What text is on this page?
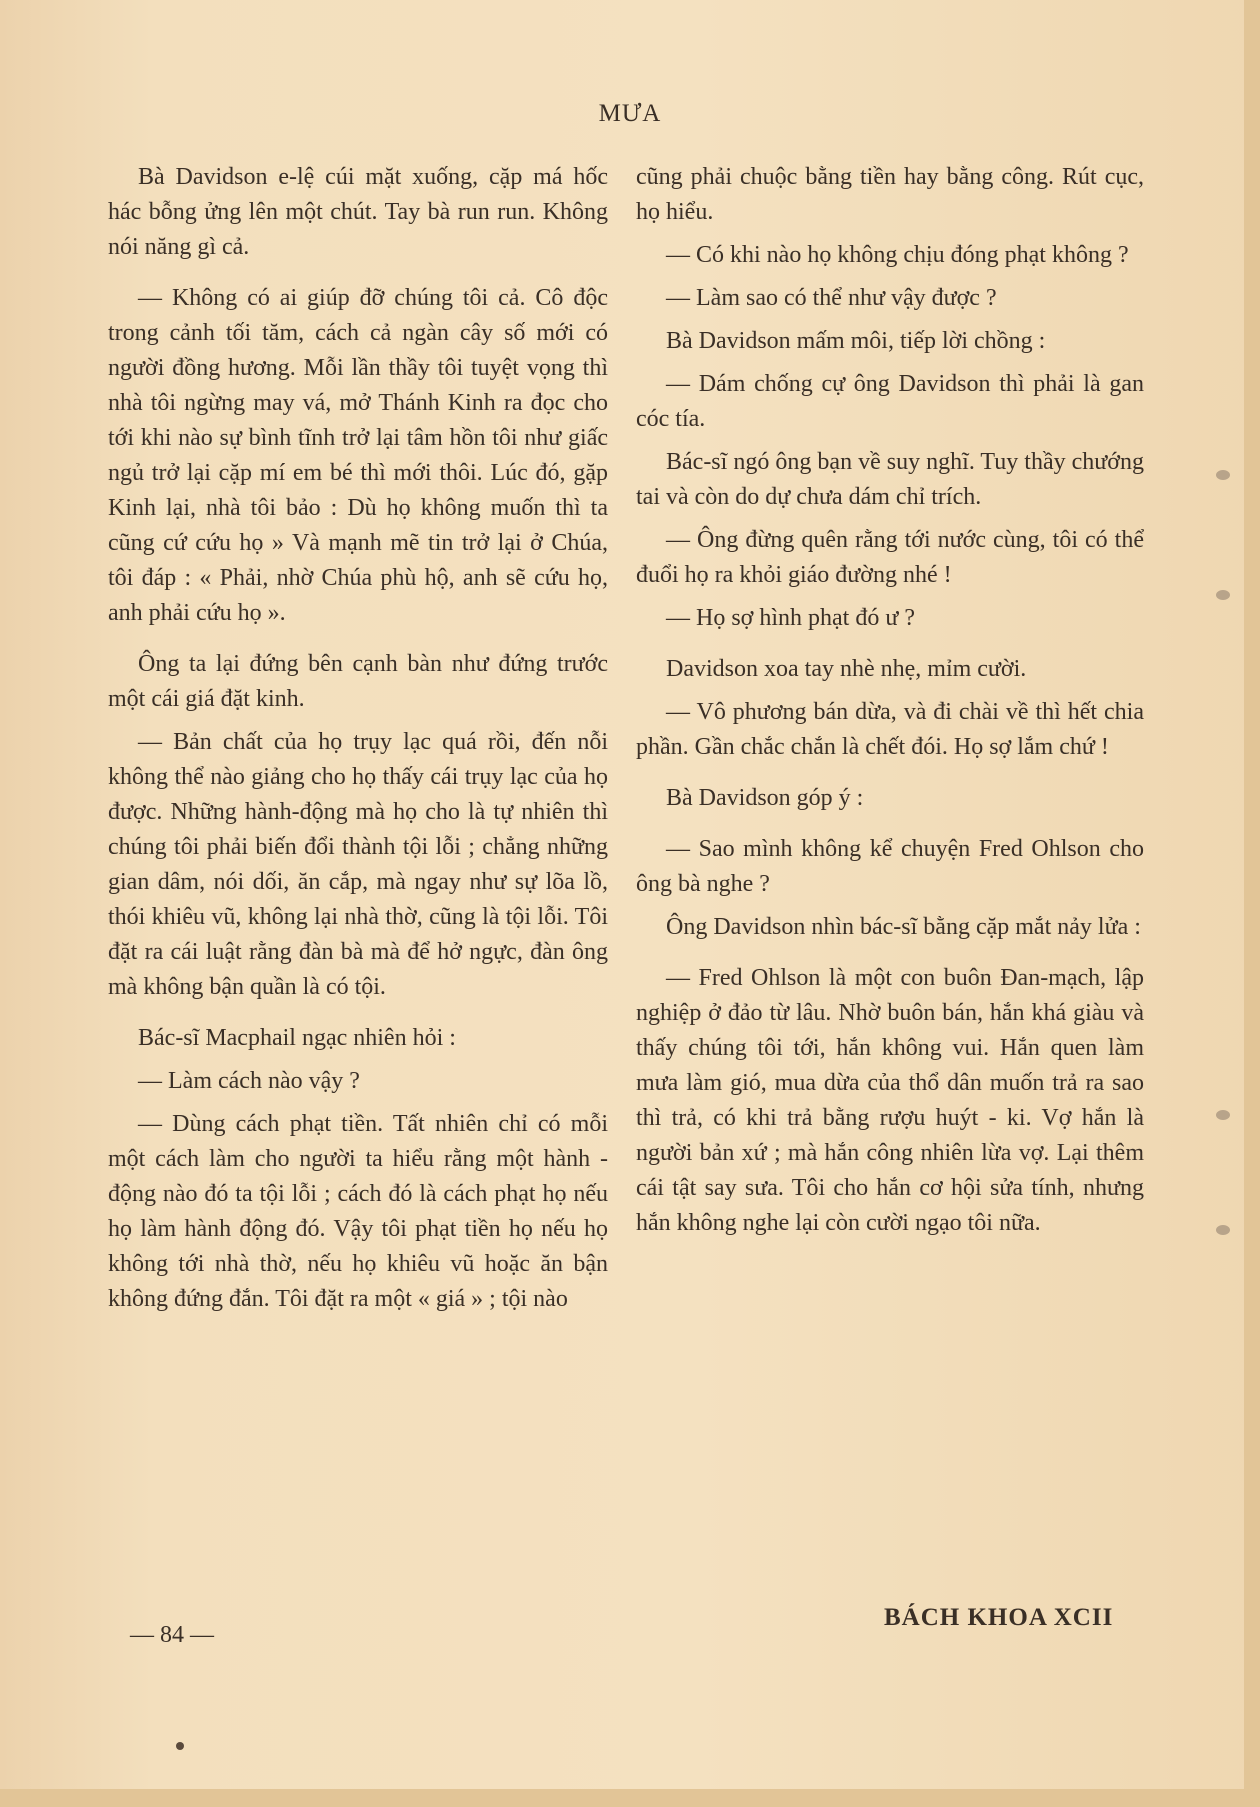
MƯA

Bà Davidson e-lệ cúi mặt xuống, cặp má hốc hác bỗng ửng lên một chút. Tay bà run run. Không nói năng gì cả.

— Không có ai giúp đỡ chúng tôi cả. Cô độc trong cảnh tối tăm, cách cả ngàn cây số mới có người đồng hương. Mỗi lần thầy tôi tuyệt vọng thì nhà tôi ngừng may vá, mở Thánh Kinh ra đọc cho tới khi nào sự bình tĩnh trở lại tâm hồn tôi như giấc ngủ trở lại cặp mí em bé thì mới thôi. Lúc đó, gặp Kinh lại, nhà tôi bảo : Dù họ không muốn thì ta cũng cứ cứu họ » Và mạnh mẽ tin trở lại ở Chúa, tôi đáp : « Phải, nhờ Chúa phù hộ, anh sẽ cứu họ, anh phải cứu họ ».

Ông ta lại đứng bên cạnh bàn như đứng trước một cái giá đặt kinh.

— Bản chất của họ trụy lạc quá rồi, đến nỗi không thể nào giảng cho họ thấy cái trụy lạc của họ được. Những hành-động mà họ cho là tự nhiên thì chúng tôi phải biến đổi thành tội lỗi ; chẳng những gian dâm, nói dối, ăn cắp, mà ngay như sự lõa lồ, thói khiêu vũ, không lại nhà thờ, cũng là tội lỗi. Tôi đặt ra cái luật rằng đàn bà mà để hở ngực, đàn ông mà không bận quần là có tội.

Bác-sĩ Macphail ngạc nhiên hỏi :

— Làm cách nào vậy ?

— Dùng cách phạt tiền. Tất nhiên chỉ có mỗi một cách làm cho người ta hiểu rằng một hành - động nào đó ta tội lỗi ; cách đó là cách phạt họ nếu họ làm hành động đó. Vậy tôi phạt tiền họ nếu họ không tới nhà thờ, nếu họ khiêu vũ hoặc ăn bận không đứng đắn. Tôi đặt ra một « giá » ; tội nào

cũng phải chuộc bằng tiền hay bằng công. Rút cục, họ hiểu.

— Có khi nào họ không chịu đóng phạt không ?

— Làm sao có thể như vậy được ?

Bà Davidson mấm môi, tiếp lời chồng :

— Dám chống cự ông Davidson thì phải là gan cóc tía.

Bác-sĩ ngó ông bạn về suy nghĩ. Tuy thầy chướng tai và còn do dự chưa dám chỉ trích.

— Ông đừng quên rằng tới nước cùng, tôi có thể đuổi họ ra khỏi giáo đường nhé !

— Họ sợ hình phạt đó ư ?

Davidson xoa tay nhè nhẹ, mỉm cười.

— Vô phương bán dừa, và đi chài về thì hết chia phần. Gần chắc chắn là chết đói. Họ sợ lắm chứ !

Bà Davidson góp ý :

— Sao mình không kể chuyện Fred Ohlson cho ông bà nghe ?

Ông Davidson nhìn bác-sĩ bằng cặp mắt nảy lửa :

— Fred Ohlson là một con buôn Đan-mạch, lập nghiệp ở đảo từ lâu. Nhờ buôn bán, hắn khá giàu và thấy chúng tôi tới, hắn không vui. Hắn quen làm mưa làm gió, mua dừa của thổ dân muốn trả ra sao thì trả, có khi trả bằng rượu huýt - ki. Vợ hắn là người bản xứ ; mà hắn công nhiên lừa vợ. Lại thêm cái tật say sưa. Tôi cho hắn cơ hội sửa tính, nhưng hắn không nghe lại còn cười ngạo tôi nữa.

— 84 —
BÁCH KHOA XCII
